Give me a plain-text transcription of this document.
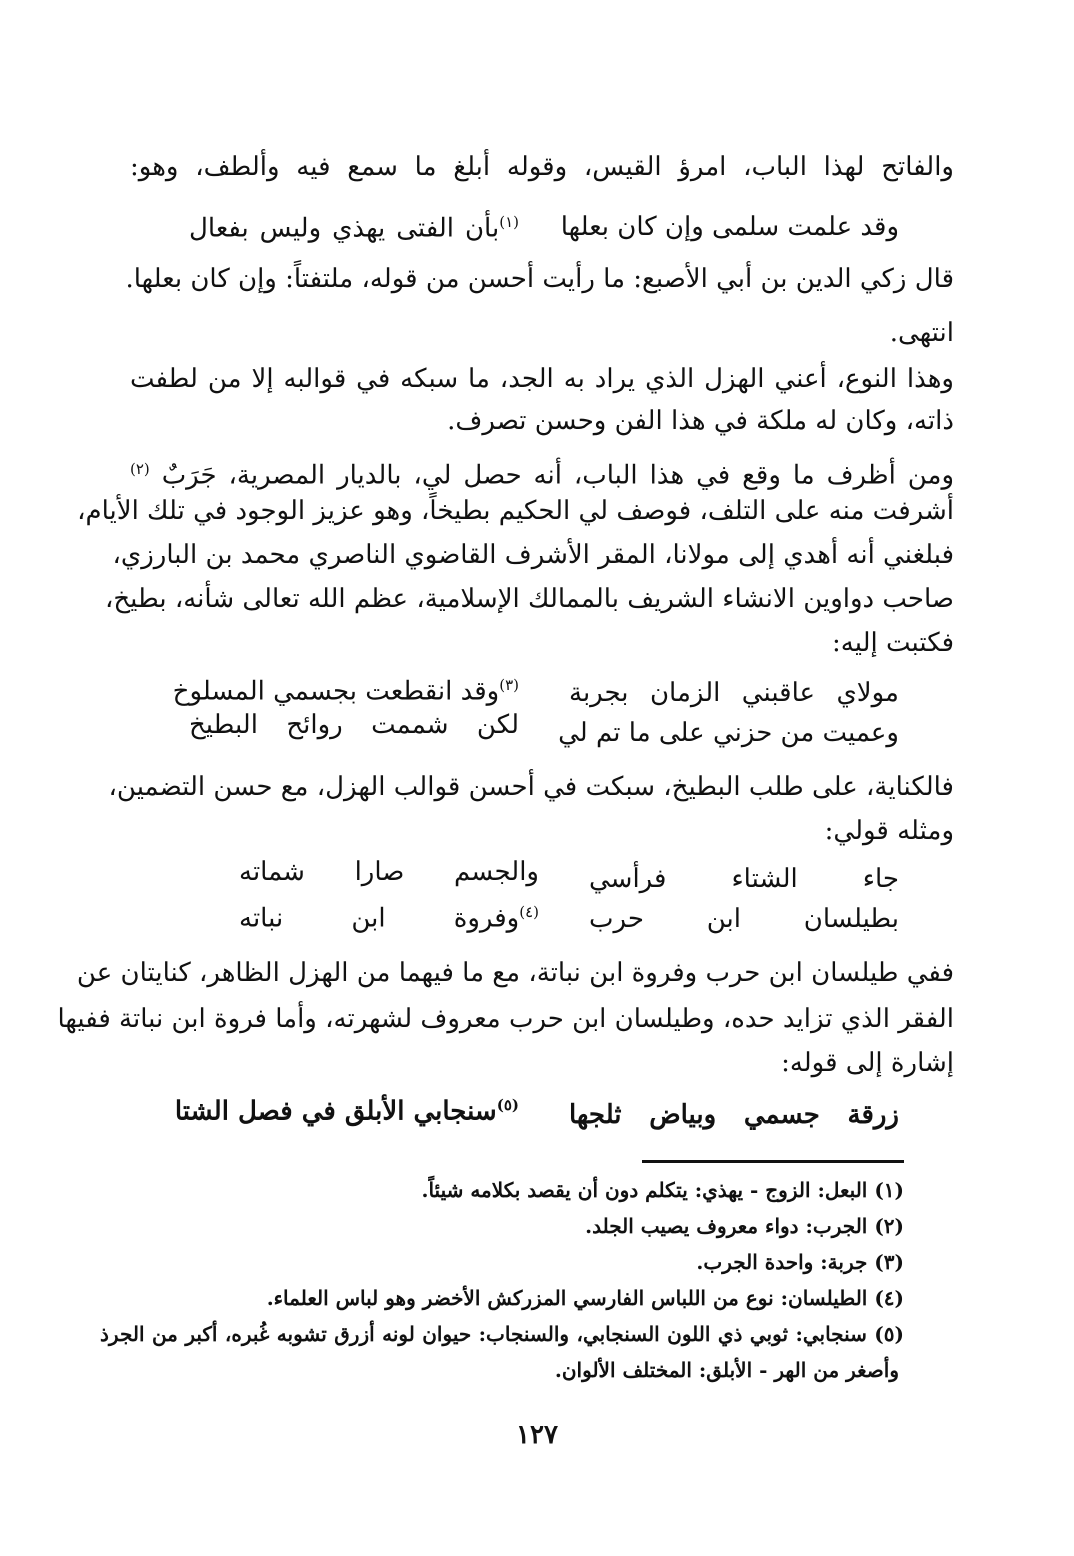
والفاتح لهذا الباب، امرؤ القيس، وقوله أبلغ ما سمع فيه وألطف، وهو:
وقد علمت سلمى وإن كان بعلها
$^{(١)}$بأن الفتى يهذي وليس بفعال
قال زكي الدين بن أبي الأصبع: ما رأيت أحسن من قوله، ملتفتاً: وإن كان بعلها.
انتهى.
وهذا النوع، أعني الهزل الذي يراد به الجد، ما سبكه في قوالبه إلا من لطفت
ذاته، وكان له ملكة في هذا الفن وحسن تصرف.
ومن أظرف ما وقع في هذا الباب، أنه حصل لي، بالديار المصرية، جَرَبٌ $^{(٢)}$
أشرفت منه على التلف، فوصف لي الحكيم بطيخاً، وهو عزيز الوجود في تلك الأيام،
فبلغني أنه أهدي إلى مولانا، المقر الأشرف القاضوي الناصري محمد بن البارزي،
صاحب دواوين الانشاء الشريف بالممالك الإسلامية، عظم الله تعالى شأنه، بطيخ،
فكتبت إليه:
مولاي عاقبني الزمان بجربة
$^{(٣)}$وقد انقطعت بجسمي المسلوخ
وعميت من حزني على ما تم لي
لكن شممت روائح البطيخ
فالكناية، على طلب البطيخ، سبكت في أحسن قوالب الهزل، مع حسن التضمين،
ومثله قولي:
جاء الشتاء فرأسي
والجسم صارا شماته
بطيلسان ابن حرب
$^{(٤)}$وفروة ابن نباته
ففي طيلسان ابن حرب وفروة ابن نباتة، مع ما فيهما من الهزل الظاهر، كنايتان عن
الفقر الذي تزايد حده، وطيلسان ابن حرب معروف لشهرته، وأما فروة ابن نباتة ففيها
إشارة إلى قوله:
زرقة جسمي وبياض ثلجها
$^{(٥)}$سنجابي الأبلق في فصل الشتا
(١) البعل: الزوج - يهذي: يتكلم دون أن يقصد بكلامه شيئاً.
(٢) الجرب: دواء معروف يصيب الجلد.
(٣) جربة: واحدة الجرب.
(٤) الطيلسان: نوع من اللباس الفارسي المزركش الأخضر وهو لباس العلماء.
(٥) سنجابي: ثوبي ذي اللون السنجابي، والسنجاب: حيوان لونه أزرق تشوبه غُبره، أكبر من الجرذ
وأصغر من الهر - الأبلق: المختلف الألوان.
١٢٧
